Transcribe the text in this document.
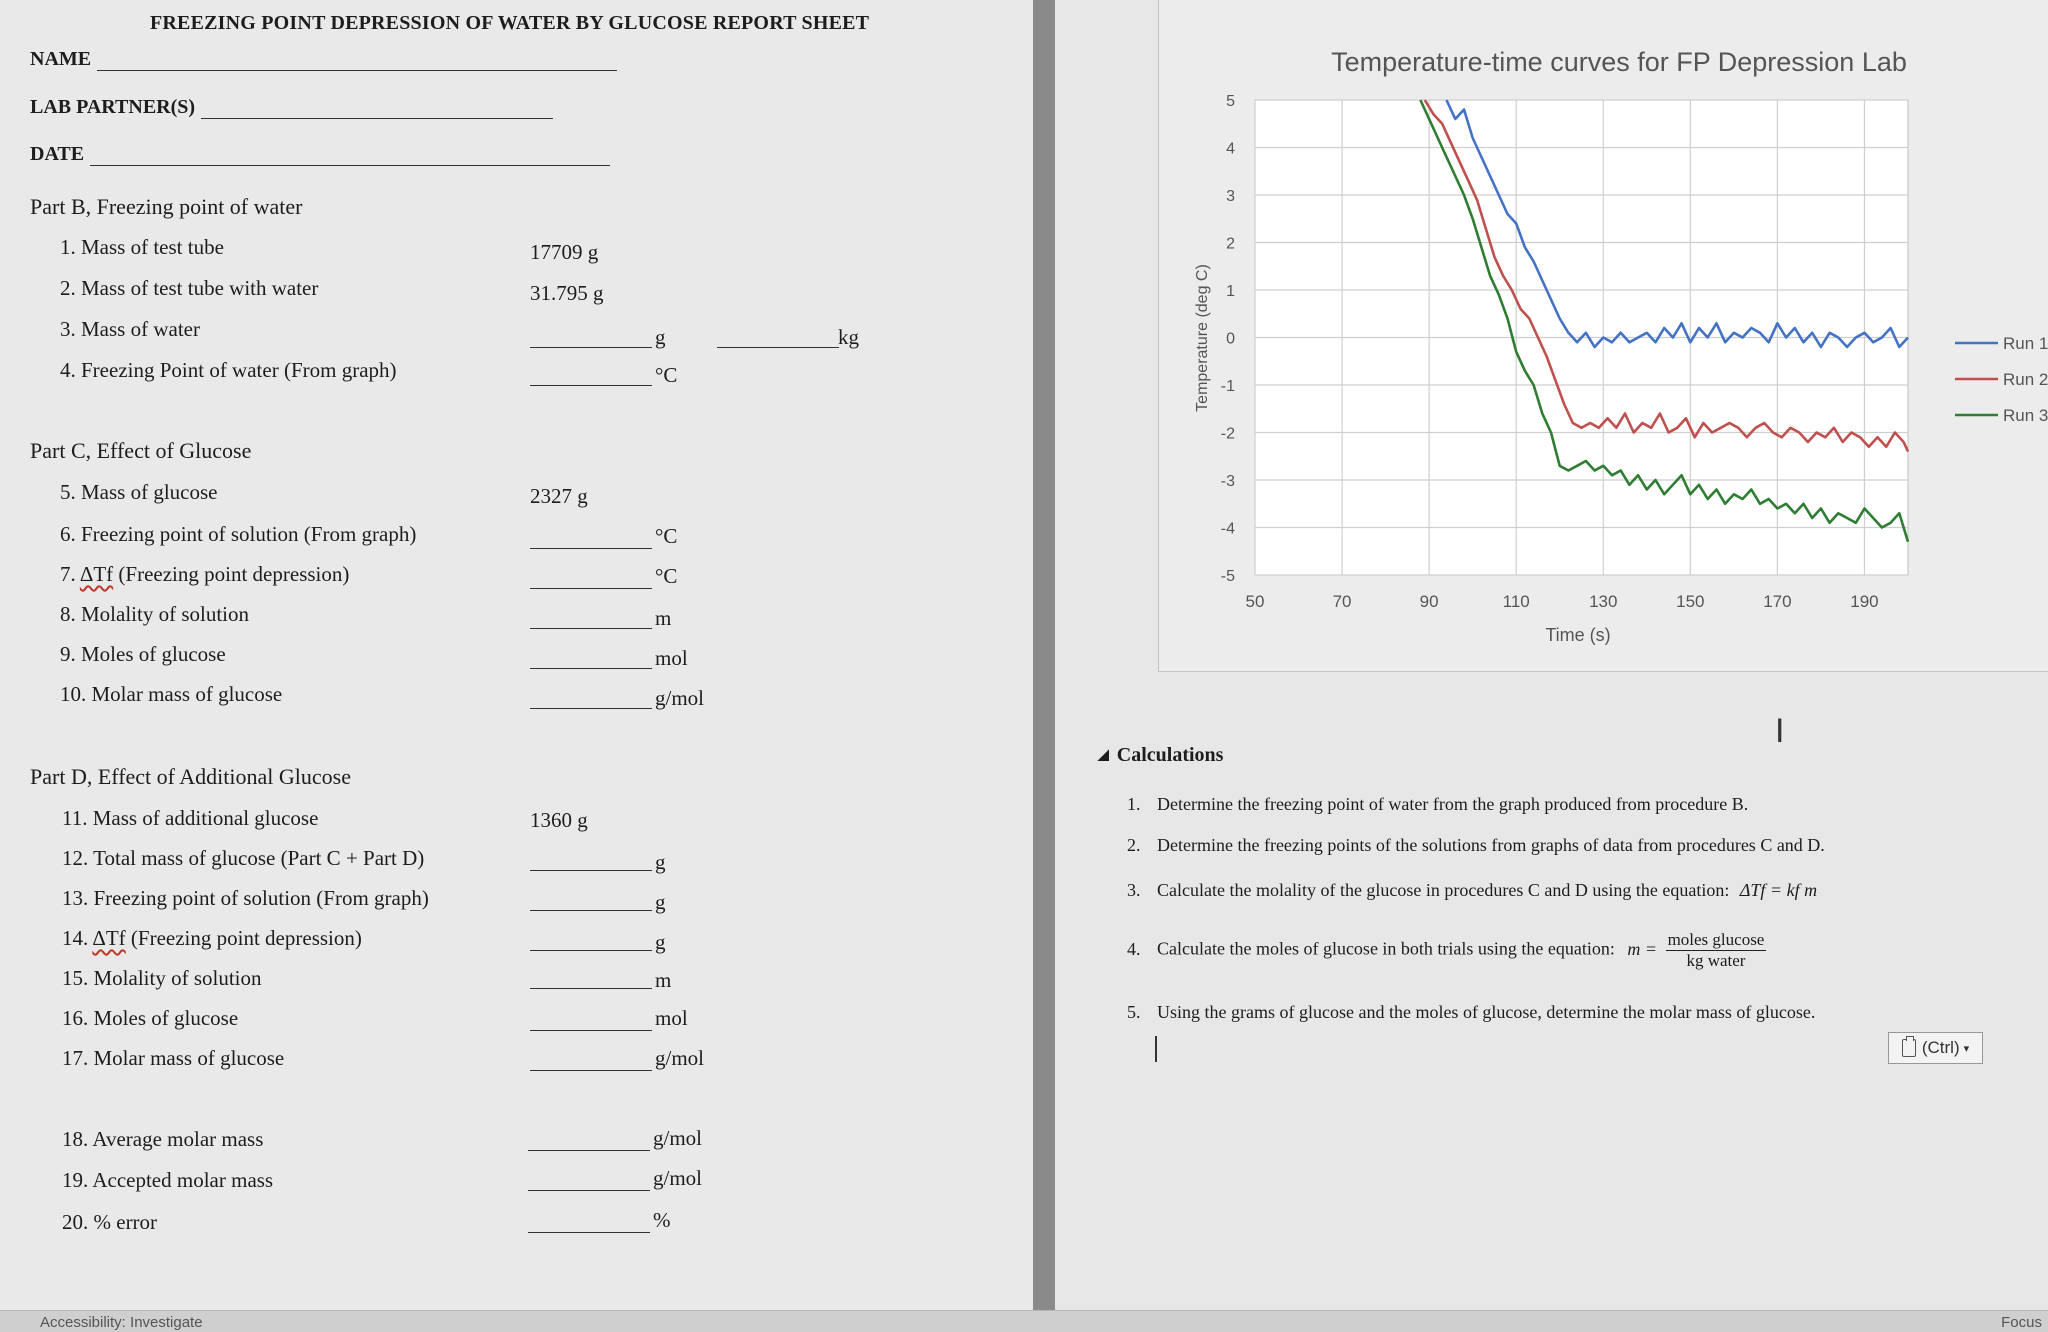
FREEZING POINT DEPRESSION OF WATER BY GLUCOSE REPORT SHEET
NAME
LAB PARTNER(S)
DATE
Part B, Freezing point of water
1. Mass of test tube	17709 g
2. Mass of test tube with water	31.795 g
3. Mass of water	g	kg
4. Freezing Point of water (From graph)	°C
Part C, Effect of Glucose
5. Mass of glucose	2327 g
6. Freezing point of solution (From graph)	°C
7. ΔTf (Freezing point depression)	°C
8. Molality of solution	m
9. Moles of glucose	mol
10. Molar mass of glucose	g/mol
Part D, Effect of Additional Glucose
11. Mass of additional glucose	1360 g
12. Total mass of glucose (Part C + Part D)	g
13. Freezing point of solution (From graph)	g
14. ΔTf (Freezing point depression)	g
15. Molality of solution	m
16. Moles of glucose	mol
17. Molar mass of glucose	g/mol
18. Average molar mass	g/mol
19. Accepted molar mass	g/mol
20. % error	%
Temperature-time curves for FP Depression Lab
5
4
3
2
1
0
-1
-2
-3
-4
-5
50	70	90	110	130	150	170	190
Time (s)
Temperature (deg C)	Run 1
Run 2
Run 3
◢ Calculations
1. Determine the freezing point of water from the graph produced from procedure B.
2. Determine the freezing points of the solutions from graphs of data from procedures C and D.
3. Calculate the molality of the glucose in procedures C and D using the equation: ΔTf = kf m
4. Calculate the moles of glucose in both trials using the equation: $m = \frac{\text{moles glucose}}{\text{kg water}}$
5. Using the grams of glucose and the moles of glucose, determine the molar mass of glucose.
I
(Ctrl) ▾
Accessibility: Investigate	Focus
